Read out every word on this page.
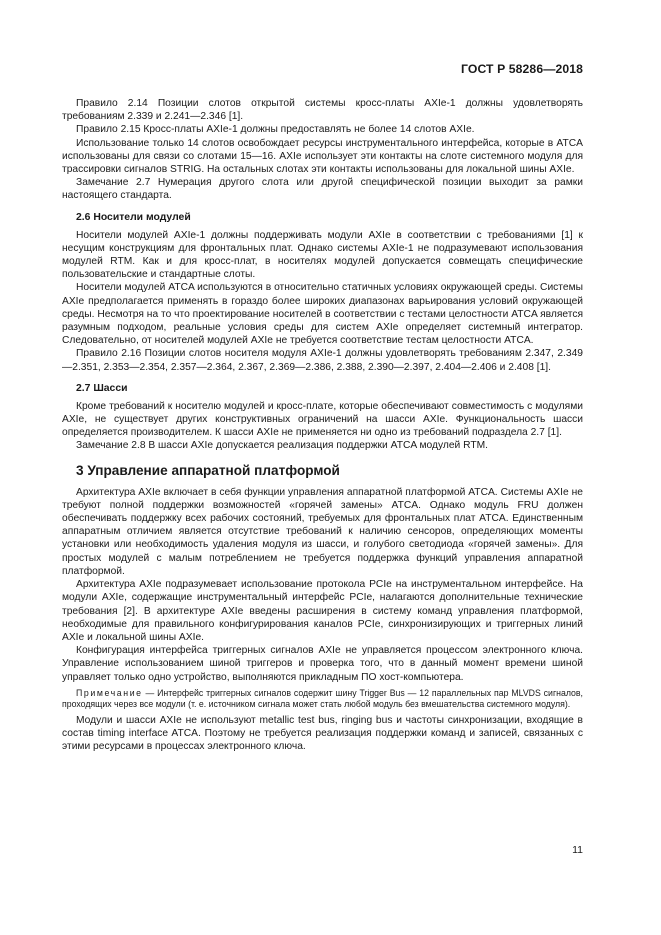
ГОСТ Р 58286—2018

Правило 2.14 Позиции слотов открытой системы кросс-платы AXIe-1 должны удовлетворять требованиям 2.339 и 2.241—2.346 [1].

Правило 2.15 Кросс-платы AXIe-1 должны предоставлять не более 14 слотов AXIe.

Использование только 14 слотов освобождает ресурсы инструментального интерфейса, которые в ATCA использованы для связи со слотами 15—16. AXIe использует эти контакты на слоте системного модуля для трассировки сигналов STRIG. На остальных слотах эти контакты использованы для локальной шины AXIe.

Замечание 2.7 Нумерация другого слота или другой специфической позиции выходит за рамки настоящего стандарта.

2.6 Носители модулей

Носители модулей AXIe-1 должны поддерживать модули AXIe в соответствии с требованиями [1] к несущим конструкциям для фронтальных плат. Однако системы AXIe-1 не подразумевают использования модулей RTM. Как и для кросс-плат, в носителях модулей допускается совмещать специфические пользовательские и стандартные слоты.

Носители модулей ATCA используются в относительно статичных условиях окружающей среды. Системы AXIe предполагается применять в гораздо более широких диапазонах варьирования условий окружающей среды. Несмотря на то что проектирование носителей в соответствии с тестами целостности ATCA является разумным подходом, реальные условия среды для систем AXIe определяет системный интегратор. Следовательно, от носителей модулей AXIe не требуется соответствие тестам целостности ATCA.

Правило 2.16 Позиции слотов носителя модуля AXIe-1 должны удовлетворять требованиям 2.347, 2.349—2.351, 2.353—2.354, 2.357—2.364, 2.367, 2.369—2.386, 2.388, 2.390—2.397, 2.404—2.406 и 2.408 [1].

2.7 Шасси

Кроме требований к носителю модулей и кросс-плате, которые обеспечивают совместимость с модулями AXIe, не существует других конструктивных ограничений на шасси AXIe. Функциональность шасси определяется производителем. К шасси AXIe не применяется ни одно из требований подраздела 2.7 [1].

Замечание 2.8 В шасси AXIe допускается реализация поддержки ATCA модулей RTM.

3 Управление аппаратной платформой

Архитектура AXIe включает в себя функции управления аппаратной платформой ATCA. Системы AXIe не требуют полной поддержки возможностей «горячей замены» ATCA. Однако модуль FRU должен обеспечивать поддержку всех рабочих состояний, требуемых для фронтальных плат ATCA. Единственным аппаратным отличием является отсутствие требований к наличию сенсоров, определяющих моменты установки или необходимость удаления модуля из шасси, и голубого светодиода «горячей замены». Для простых модулей с малым потреблением не требуется поддержка функций управления аппаратной платформой.

Архитектура AXIe подразумевает использование протокола PCIe на инструментальном интерфейсе. На модули AXIe, содержащие инструментальный интерфейс PCIe, налагаются дополнительные технические требования [2]. В архитектуре AXIe введены расширения в систему команд управления платформой, необходимые для правильного конфигурирования каналов PCIe, синхронизирующих и триггерных линий AXIe и локальной шины AXIe.

Конфигурация интерфейса триггерных сигналов AXIe не управляется процессом электронного ключа. Управление использованием шиной триггеров и проверка того, что в данный момент времени шиной управляет только одно устройство, выполняются прикладным ПО хост-компьютера.

Примечание — Интерфейс триггерных сигналов содержит шину Trigger Bus — 12 параллельных пар MLVDS сигналов, проходящих через все модули (т. е. источником сигнала может стать любой модуль без вмешательства системного модуля).

Модули и шасси AXIe не используют metallic test bus, ringing bus и частоты синхронизации, входящие в состав timing interface ATCA. Поэтому не требуется реализация поддержки команд и записей, связанных с этими ресурсами в процессах электронного ключа.

11
